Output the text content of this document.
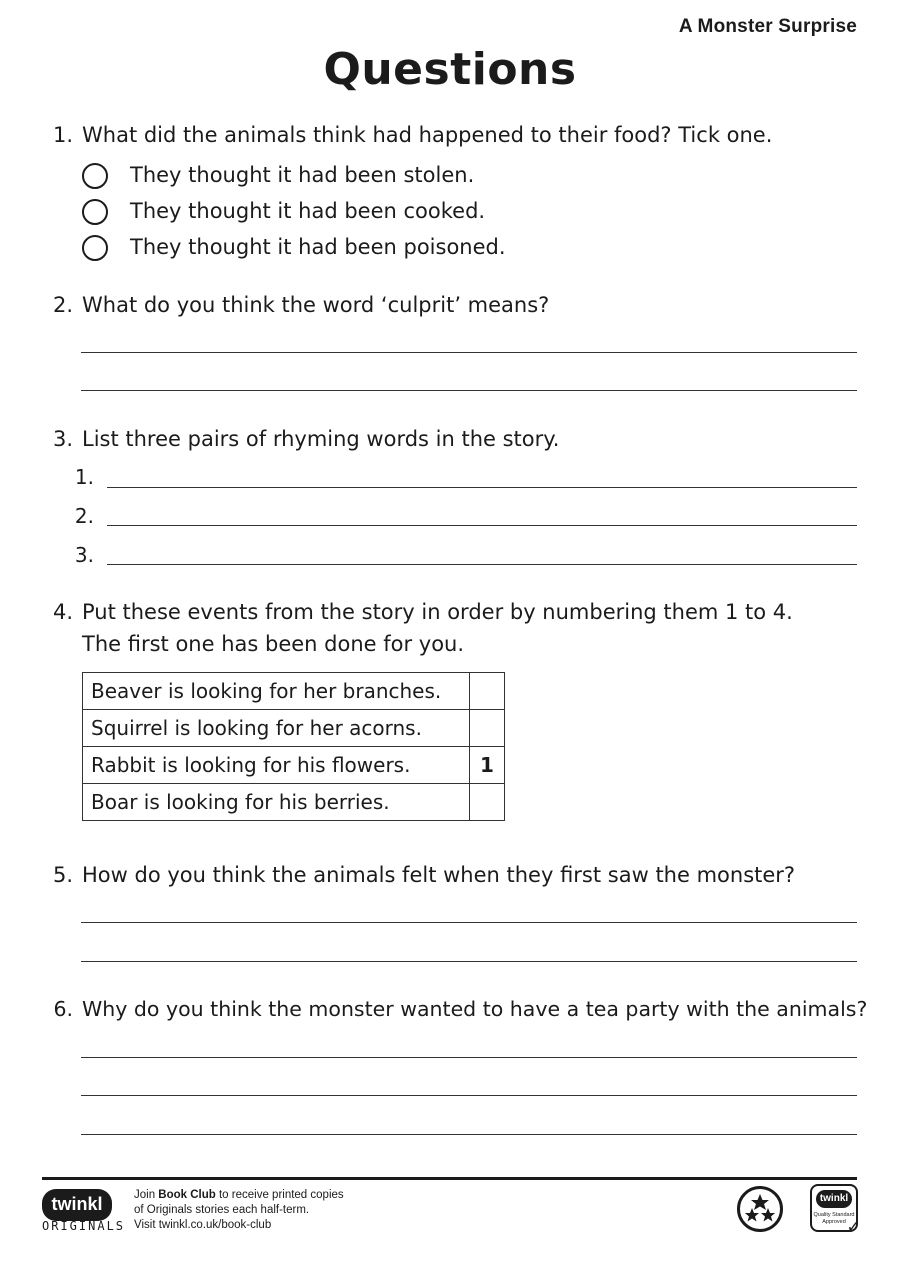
A Monster Surprise
Questions
1. What did the animals think had happened to their food? Tick one.
They thought it had been stolen.
They thought it had been cooked.
They thought it had been poisoned.
2. What do you think the word ‘culprit’ means?
3. List three pairs of rhyming words in the story.
1.
2.
3.
4. Put these events from the story in order by numbering them 1 to 4.
The first one has been done for you.
Beaver is looking for her branches.	
Squirrel is looking for her acorns.	
Rabbit is looking for his flowers.	1
Boar is looking for his berries.	
5. How do you think the animals felt when they first saw the monster?
6. Why do you think the monster wanted to have a tea party with the animals?
twinkl
ORIGINALS
Join Book Club to receive printed copies
of Originals stories each half-term.
Visit twinkl.co.uk/book-club
twinkl
Quality Standard
Approved ✓
